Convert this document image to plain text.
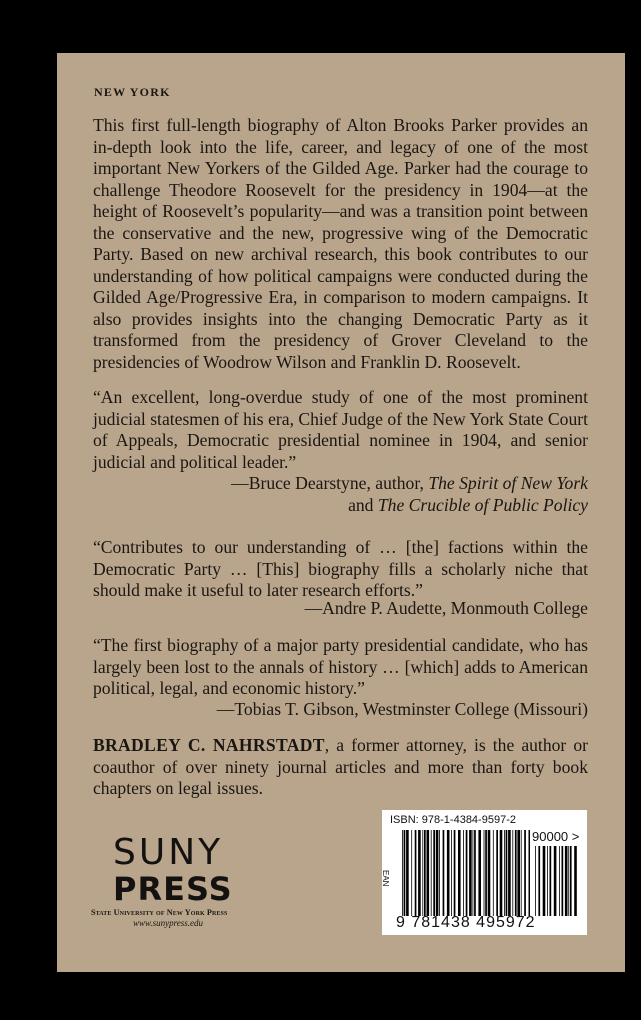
NEW YORK

This first full-length biography of Alton Brooks Parker provides an in-depth look into the life, career, and legacy of one of the most important New Yorkers of the Gilded Age. Parker had the courage to challenge Theodore Roosevelt for the presidency in 1904—at the height of Roosevelt’s popularity—and was a transition point between the conservative and the new, progressive wing of the Democratic Party. Based on new archival research, this book contributes to our understanding of how political campaigns were conducted during the Gilded Age/Progressive Era, in comparison to modern campaigns. It also provides insights into the changing Democratic Party as it transformed from the presidency of Grover Cleveland to the presidencies of Woodrow Wilson and Franklin D. Roosevelt.

“An excellent, long-overdue study of one of the most prominent judicial statesmen of his era, Chief Judge of the New York State Court of Appeals, Democratic presidential nominee in 1904, and senior judicial and political leader.”

—Bruce Dearstyne, author, The Spirit of New York
and The Crucible of Public Policy

“Contributes to our understanding of … [the] factions within the Democratic Party … [This] biography fills a scholarly niche that should make it useful to later research efforts.”

—Andre P. Audette, Monmouth College

“The first biography of a major party presidential candidate, who has largely been lost to the annals of history … [which] adds to American political, legal, and economic history.”

—Tobias T. Gibson, Westminster College (Missouri)

BRADLEY C. NAHRSTADT, a former attorney, is the author or coauthor of over ninety journal articles and more than forty book chapters on legal issues.

SUNY
PRESS
State University of New York Press
www.sunypress.edu
ISBN: 978-1-4384-9597-2
EAN
90000 >
9 781438 495972
